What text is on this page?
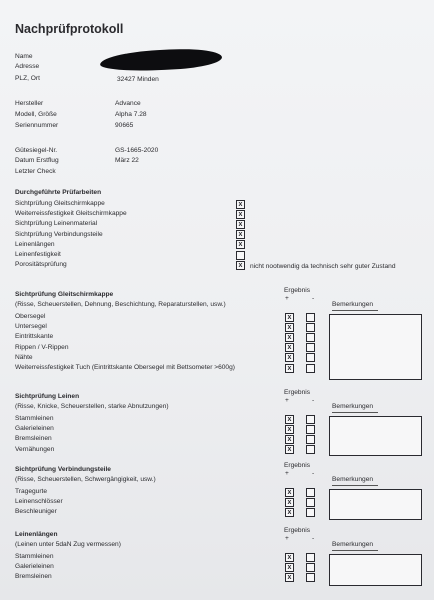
Nachprüfprotokoll
Name
Adresse
PLZ, Ort	32427 Minden
Hersteller	Advance
Modell, Größe	Alpha 7.28
Seriennummer	90665
Gütesiegel-Nr.	GS-1665-2020
Datum Erstflug	März 22
Letzter Check
Durchgeführte Prüfarbeiten
Sichtprüfung Gleitschirmkappe	x
Weiterreissfestigkeit Gleitschirmkappe	x
Sichtprüfung Leinenmaterial	x
Sichtprüfung Verbindungsteile	x
Leinenlängen	x
Leinenfestigkeit
Porositätsprüfung	x	nicht nootwendig da technisch sehr guter Zustand
Sichtprüfung Gleitschirmkappe
(Risse, Scheuerstellen, Dehnung, Beschichtung, Reparaturstellen, usw.)
Ergebnis
+	-
Bemerkungen
Obersegel	x
Untersegel	x
Eintrittskante	x
Rippen / V-Rippen	x
Nähte	x
Weiterreissfestigkeit Tuch (Eintrittskante Obersegel mit Bettsometer >600g)	x
Sichtprüfung Leinen
(Risse, Knicke, Scheuerstellen, starke Abnutzungen)
Ergebnis
+	-
Bemerkungen
Stammleinen	x
Galerieleinen	x
Bremsleinen	x
Vernähungen	x
Sichtprüfung Verbindungsteile
(Risse, Scheuerstellen, Schwergängigkeit, usw.)
Ergebnis
+	-
Bemerkungen
Tragegurte	x
Leinenschlösser	x
Beschleuniger	x
Leinenlängen
(Leinen unter 5daN Zug vermessen)
Ergebnis
+	-
Bemerkungen
Stammleinen	x
Galerieleinen	x
Bremsleinen	x
